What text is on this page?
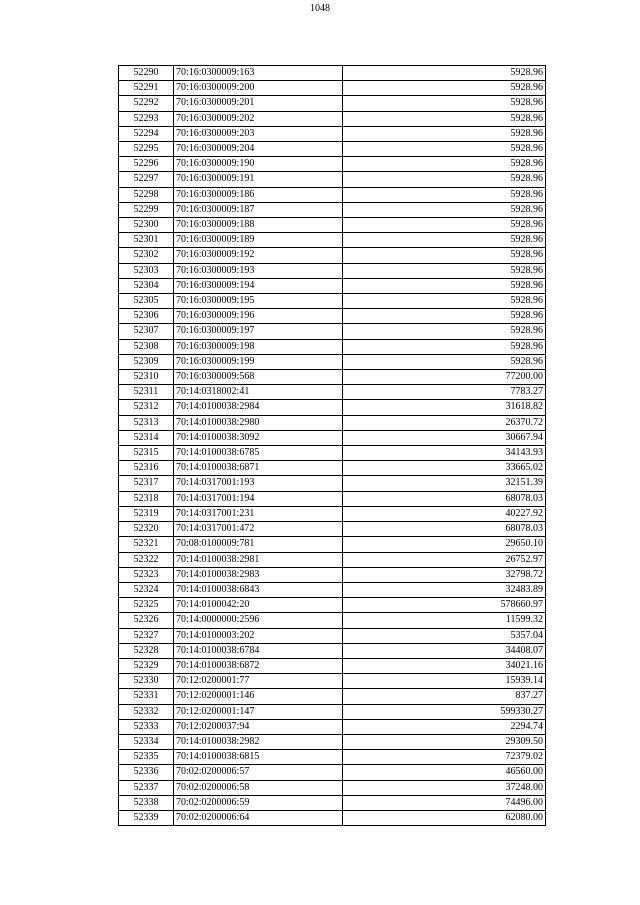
1048
52290	70:16:0300009:163	5928.96
52291	70:16:0300009:200	5928.96
52292	70:16:0300009:201	5928.96
52293	70:16:0300009:202	5928.96
52294	70:16:0300009:203	5928.96
52295	70:16:0300009:204	5928.96
52296	70:16:0300009:190	5928.96
52297	70:16:0300009:191	5928.96
52298	70:16:0300009:186	5928.96
52299	70:16:0300009:187	5928.96
52300	70:16:0300009:188	5928.96
52301	70:16:0300009:189	5928.96
52302	70:16:0300009:192	5928.96
52303	70:16:0300009:193	5928.96
52304	70:16:0300009:194	5928.96
52305	70:16:0300009:195	5928.96
52306	70:16:0300009:196	5928.96
52307	70:16:0300009:197	5928.96
52308	70:16:0300009:198	5928.96
52309	70:16:0300009:199	5928.96
52310	70:16:0300009:568	77200.00
52311	70:14:0318002:41	7783.27
52312	70:14:0100038:2984	31618.82
52313	70:14:0100038:2980	26370.72
52314	70:14:0100038:3092	30667.94
52315	70:14:0100038:6785	34143.93
52316	70:14:0100038:6871	33665.02
52317	70:14:0317001:193	32151.39
52318	70:14:0317001:194	68078.03
52319	70:14:0317001:231	40227.92
52320	70:14:0317001:472	68078.03
52321	70:08:0100009:781	29650.10
52322	70:14:0100038:2981	26752.97
52323	70:14:0100038:2983	32798.72
52324	70:14:0100038:6843	32483.89
52325	70:14:0100042:20	578660.97
52326	70:14:0000000:2596	11599.32
52327	70:14:0100003:202	5357.04
52328	70:14:0100038:6784	34408.07
52329	70:14:0100038:6872	34021.16
52330	70:12:0200001:77	15939.14
52331	70:12:0200001:146	837.27
52332	70:12:0200001:147	599330.27
52333	70:12:0200037:94	2294.74
52334	70:14:0100038:2982	29309.50
52335	70:14:0100038:6815	72379.02
52336	70:02:0200006:57	46560.00
52337	70:02:0200006:58	37248.00
52338	70:02:0200006:59	74496.00
52339	70:02:0200006:64	62080.00
